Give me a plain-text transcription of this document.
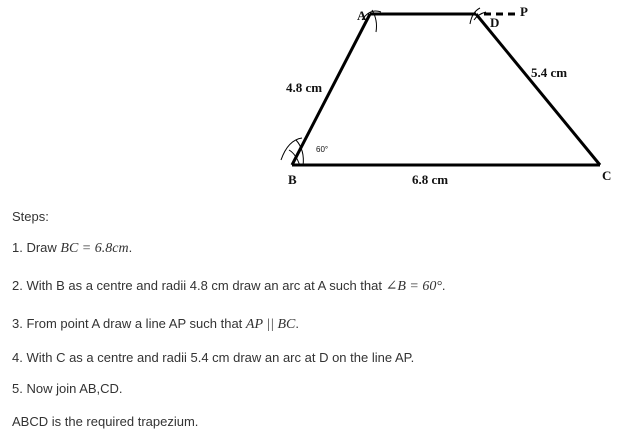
A
B	C
D
P
4.8 cm
6.8 cm
5.4 cm
60°
Steps:
1. Draw BC = 6.8cm.
2. With B as a centre and radii 4.8 cm draw an arc at A such that ∠B = 60°.
3. From point A draw a line AP such that AP || BC.
4. With C as a centre and radii 5.4 cm draw an arc at D on the line AP.
5. Now join AB,CD.
ABCD is the required trapezium.
